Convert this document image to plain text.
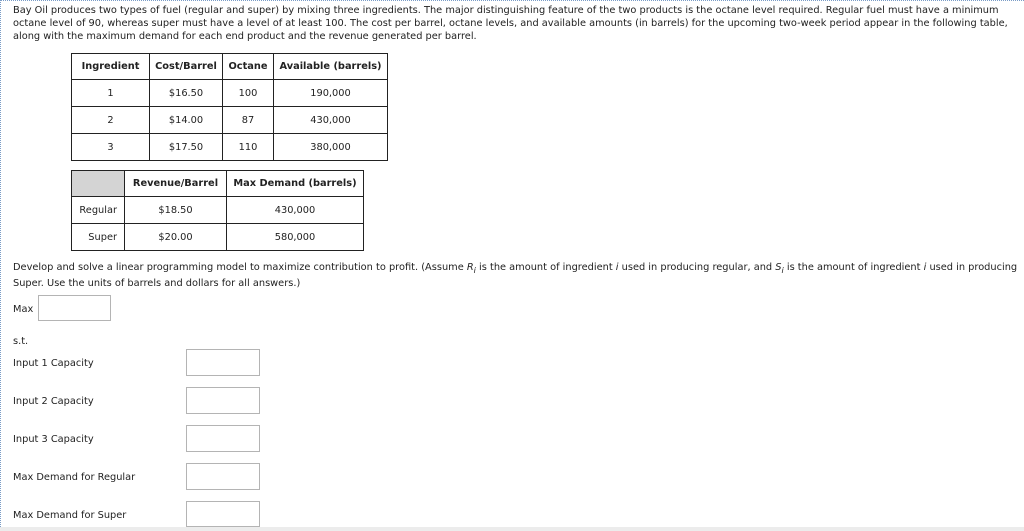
Bay Oil produces two types of fuel (regular and super) by mixing three ingredients. The major distinguishing feature of the two products is the octane level required. Regular fuel must have a minimum octane level of 90, whereas super must have a level of at least 100. The cost per barrel, octane levels, and available amounts (in barrels) for the upcoming two-week period appear in the following table, along with the maximum demand for each end product and the revenue generated per barrel.
Ingredient	Cost/Barrel	Octane	Available (barrels)
1	$16.50	100	190,000
2	$14.00	87	430,000
3	$17.50	110	380,000
	Revenue/Barrel	Max Demand (barrels)
Regular	$18.50	430,000
Super	$20.00	580,000
Develop and solve a linear programming model to maximize contribution to profit. (Assume $R_i$ is the amount of ingredient i used in producing regular, and $S_i$ is the amount of ingredient i used in producing Super. Use the units of barrels and dollars for all answers.)
Max
s.t.
Input 1 Capacity
Input 2 Capacity
Input 3 Capacity
Max Demand for Regular
Max Demand for Super
